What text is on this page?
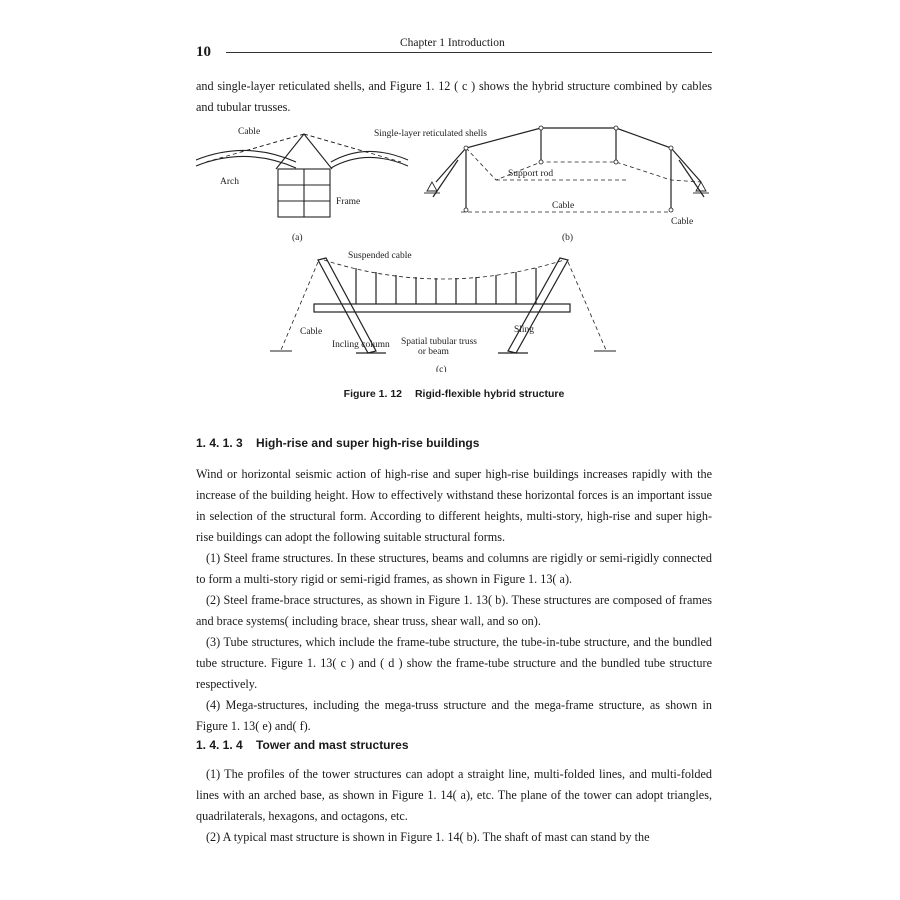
10
Chapter 1 Introduction

and single-layer reticulated shells, and Figure 1. 12 ( c ) shows the hybrid structure combined by cables and tubular trusses.

Cable
Arch
Frame
(a)
Single-layer reticulated shells
Support rod
Cable
Cable
(b)
Suspended cable
Cable
Incling column Spatial tubular truss
or beam
Sling
(c)
Figure 1. 12 Rigid-flexible hybrid structure
1. 4. 1. 3 High-rise and super high-rise buildings

Wind or horizontal seismic action of high-rise and super high-rise buildings increases rapidly with the increase of the building height. How to effectively withstand these horizontal forces is an important issue in selection of the structural form. According to different heights, multi-story, high-rise and super high-rise buildings can adopt the following suitable structural forms.

(1) Steel frame structures. In these structures, beams and columns are rigidly or semi-rigidly connected to form a multi-story rigid or semi-rigid frames, as shown in Figure 1. 13( a).

(2) Steel frame-brace structures, as shown in Figure 1. 13( b). These structures are composed of frames and brace systems( including brace, shear truss, shear wall, and so on).

(3) Tube structures, which include the frame-tube structure, the tube-in-tube structure, and the bundled tube structure. Figure 1. 13( c ) and ( d ) show the frame-tube structure and the bundled tube structure respectively.

(4) Mega-structures, including the mega-truss structure and the mega-frame structure, as shown in Figure 1. 13( e) and( f).

1. 4. 1. 4 Tower and mast structures

(1) The profiles of the tower structures can adopt a straight line, multi-folded lines, and multi-folded lines with an arched base, as shown in Figure 1. 14( a), etc. The plane of the tower can adopt triangles, quadrilaterals, hexagons, and octagons, etc.

(2) A typical mast structure is shown in Figure 1. 14( b). The shaft of mast can stand by the
